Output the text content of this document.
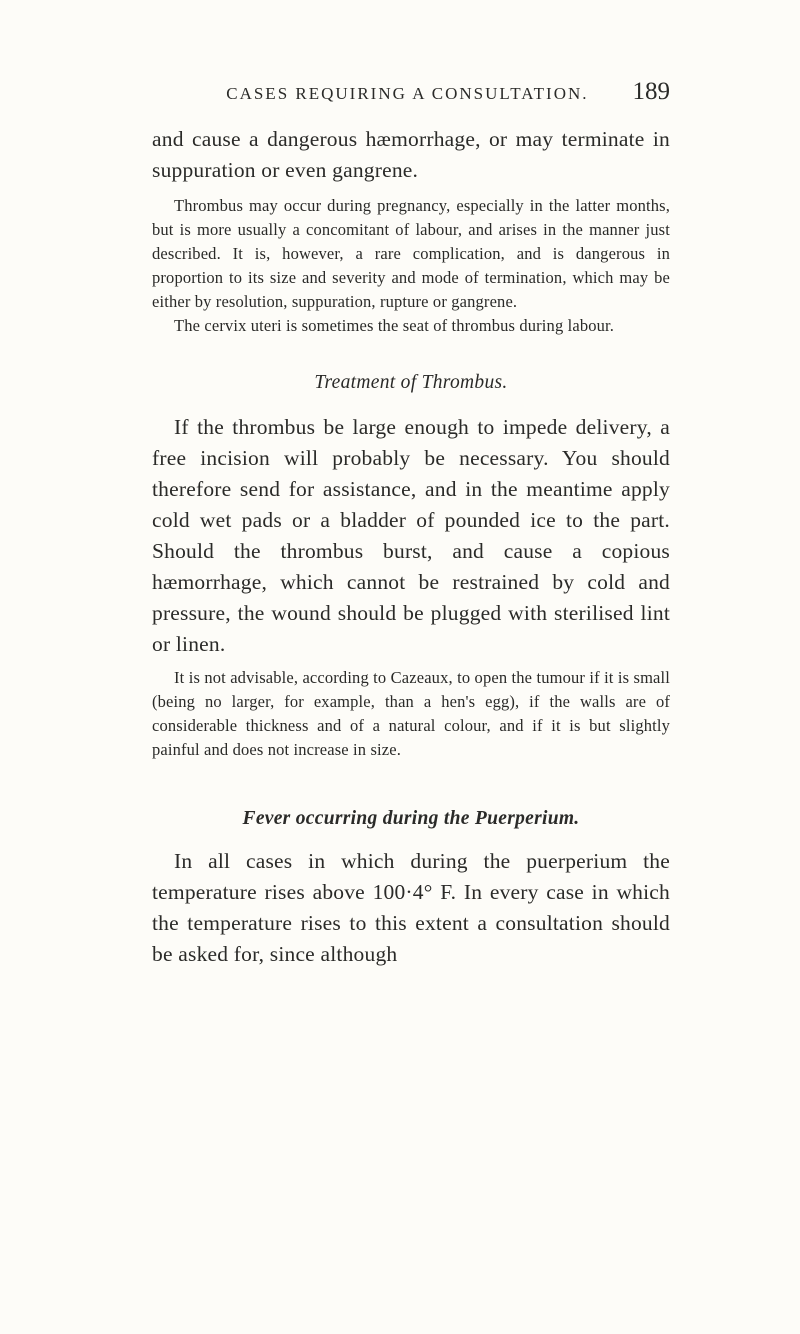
CASES REQUIRING A CONSULTATION. 189

and cause a dangerous hæmorrhage, or may terminate in suppuration or even gangrene.

Thrombus may occur during pregnancy, especially in the latter months, but is more usually a concomitant of labour, and arises in the manner just described. It is, however, a rare complication, and is dangerous in proportion to its size and severity and mode of termination, which may be either by resolution, suppuration, rupture or gangrene.

The cervix uteri is sometimes the seat of thrombus during labour.

Treatment of Thrombus.

If the thrombus be large enough to impede delivery, a free incision will probably be necessary. You should therefore send for assistance, and in the meantime apply cold wet pads or a bladder of pounded ice to the part. Should the thrombus burst, and cause a copious hæmorrhage, which cannot be restrained by cold and pressure, the wound should be plugged with sterilised lint or linen.

It is not advisable, according to Cazeaux, to open the tumour if it is small (being no larger, for example, than a hen's egg), if the walls are of considerable thickness and of a natural colour, and if it is but slightly painful and does not increase in size.

Fever occurring during the Puerperium.

In all cases in which during the puerperium the temperature rises above 100·4° F. In every case in which the temperature rises to this extent a consultation should be asked for, since although
